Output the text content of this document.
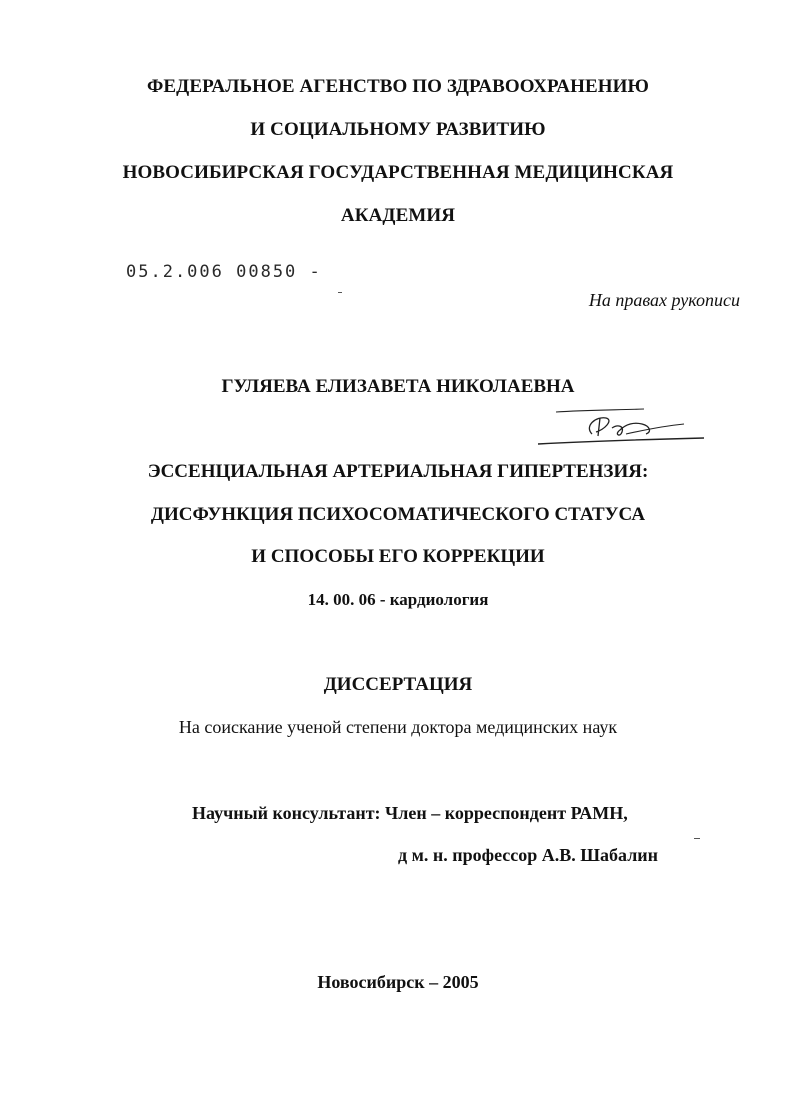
ФЕДЕРАЛЬНОЕ АГЕНСТВО ПО ЗДРАВООХРАНЕНИЮ
И СОЦИАЛЬНОМУ РАЗВИТИЮ
НОВОСИБИРСКАЯ ГОСУДАРСТВЕННАЯ МЕДИЦИНСКАЯ
АКАДЕМИЯ
05.2.006 00850 -
На правах рукописи
ГУЛЯЕВА ЕЛИЗАВЕТА НИКОЛАЕВНА
ЭССЕНЦИАЛЬНАЯ АРТЕРИАЛЬНАЯ ГИПЕРТЕНЗИЯ:
ДИСФУНКЦИЯ ПСИХОСОМАТИЧЕСКОГО СТАТУСА
И СПОСОБЫ ЕГО КОРРЕКЦИИ
14. 00. 06 - кардиология
ДИССЕРТАЦИЯ
На соискание ученой степени доктора медицинских наук
Научный консультант: Член – корреспондент РАМН,
д м. н. профессор А.В. Шабалин
Новосибирск – 2005
